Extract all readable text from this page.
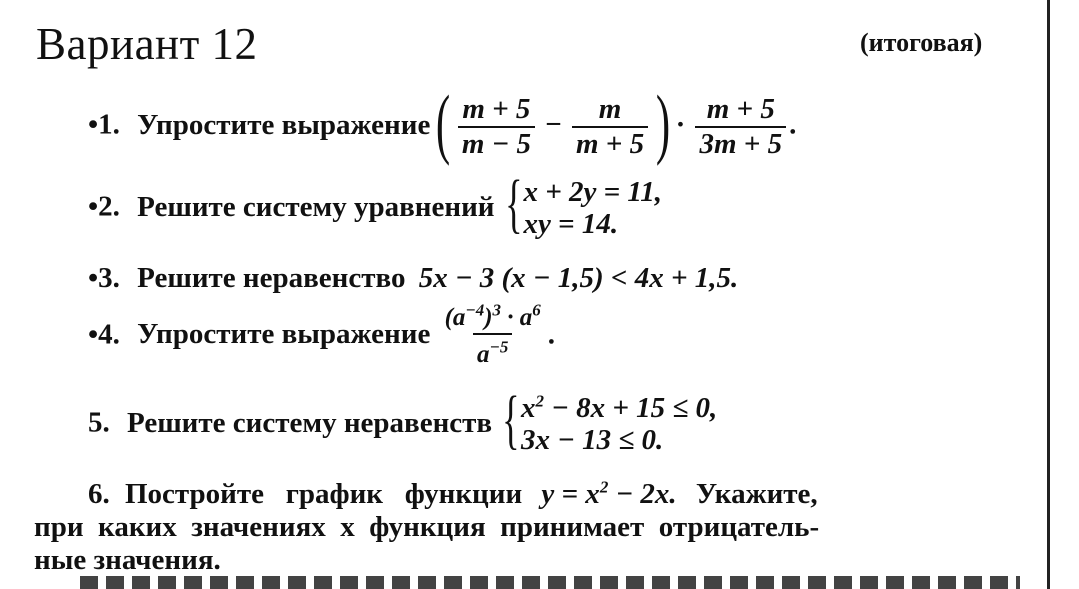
Вариант 12	(итоговая)
•1. Упростите выражение ( $\frac{m + 5}{m - 5} - \frac{m}{m + 5}$ ) · $\frac{m + 5}{3m + 5}$ .
•2. Решите систему уравнений { x + 2y = 11,
xy = 14.
•3. Решите неравенство 5x − 3 (x − 1,5) < 4x + 1,5.
•4. Упростите выражение $\frac{(a^{-4})^3 \cdot a^6}{a^{-5}}$ .
5. Решите систему неравенств { $x^2 - 8x + 15 \le 0$,
3x − 13 ≤ 0.
6. Постройте   график   функции $y = x^2 - 2x$. Укажите,
при  каких  значениях  x  функция  принимает  отрицатель-
ные значения.
